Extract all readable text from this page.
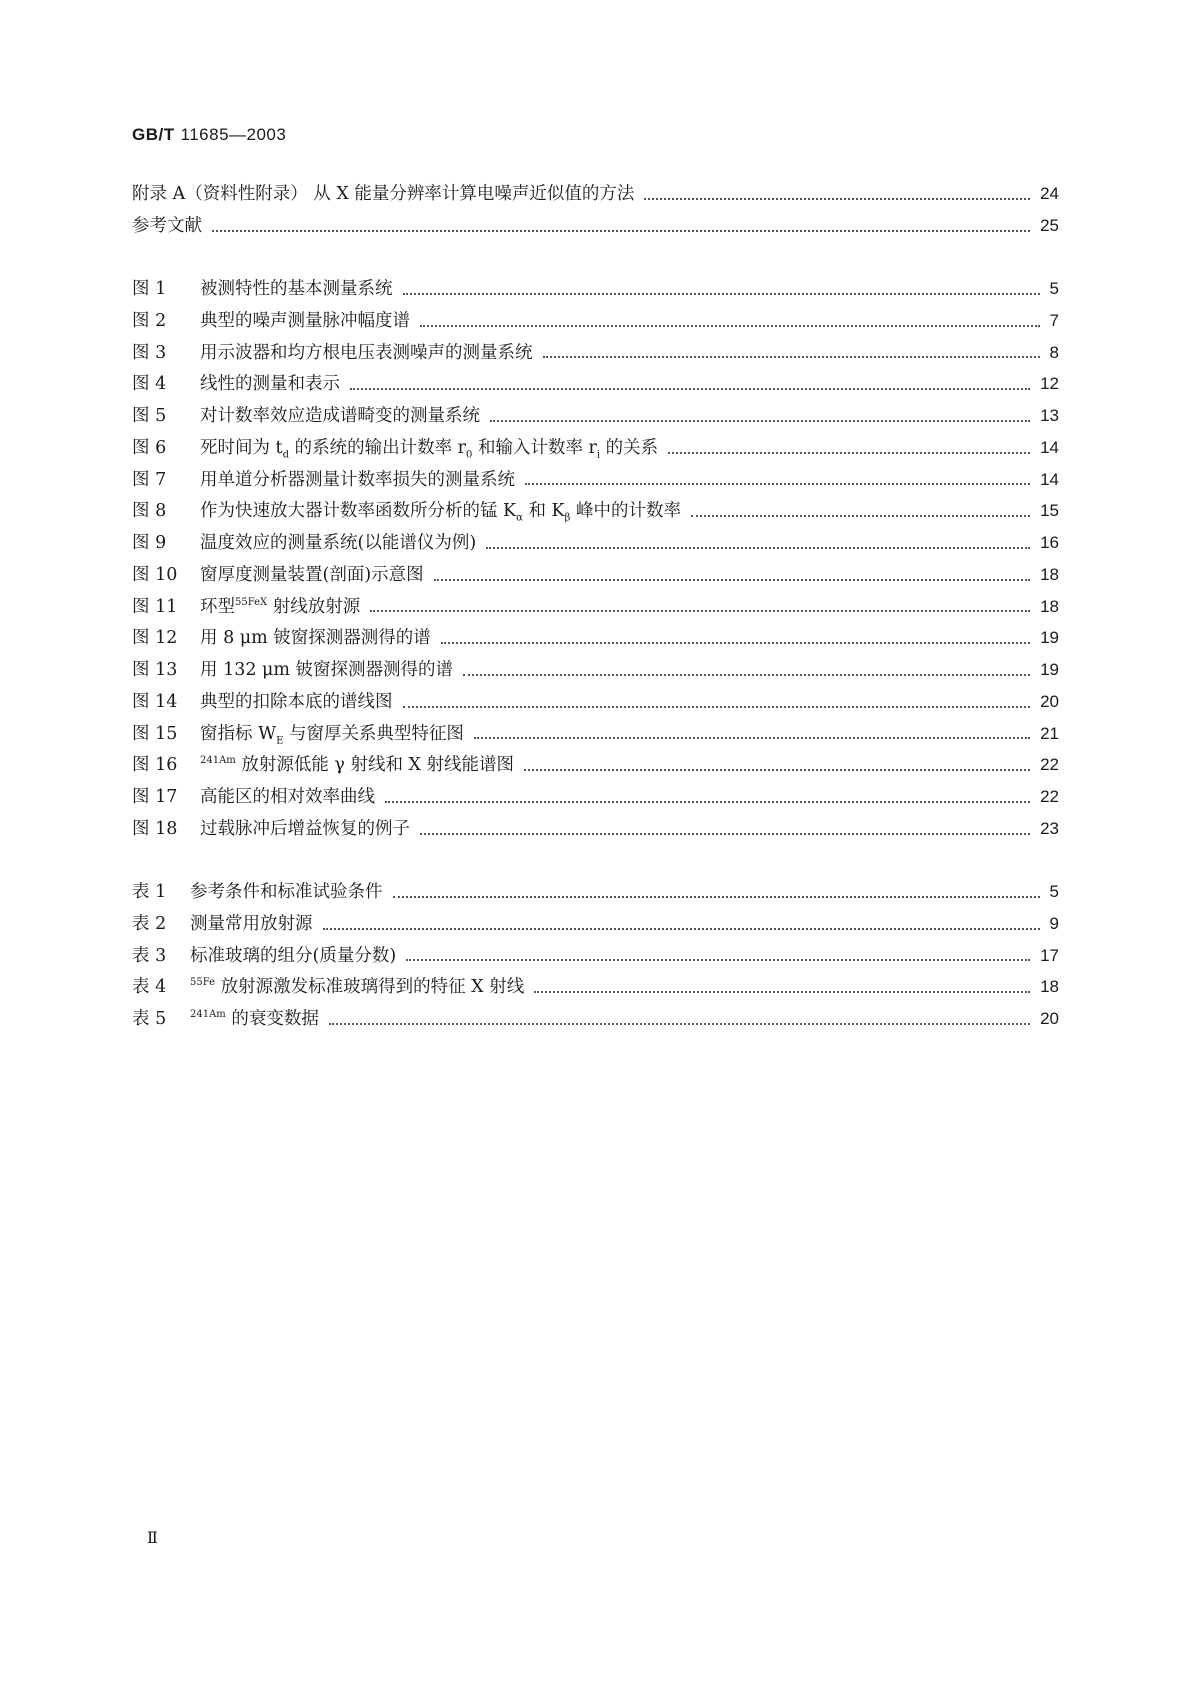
GB/T 11685—2003
附录 A（资料性附录） 从 X 能量分辨率计算电噪声近似值的方法	24
参考文献	25
图 1	被测特性的基本测量系统	5
图 2	典型的噪声测量脉冲幅度谱	7
图 3	用示波器和均方根电压表测噪声的测量系统	8
图 4	线性的测量和表示	12
图 5	对计数率效应造成谱畸变的测量系统	13
图 6	死时间为 $t_d$ 的系统的输出计数率 $r_0$ 和输入计数率 $r_i$ 的关系	14
图 7	用单道分析器测量计数率损失的测量系统	14
图 8	作为快速放大器计数率函数所分析的锰 $K_\alpha$ 和 $K_\beta$ 峰中的计数率	15
图 9	温度效应的测量系统(以能谱仪为例)	16
图 10	窗厚度测量装置(剖面)示意图	18
图 11	环型$^{55FeX}$ 射线放射源	18
图 12	用 8 μm 铍窗探测器测得的谱	19
图 13	用 132 μm 铍窗探测器测得的谱	19
图 14	典型的扣除本底的谱线图	20
图 15	窗指标 $W_E$ 与窗厚关系典型特征图	21
图 16	$^{241Am}$ 放射源低能 γ 射线和 X 射线能谱图	22
图 17	高能区的相对效率曲线	22
图 18	过载脉冲后增益恢复的例子	23
表 1	参考条件和标准试验条件	5
表 2	测量常用放射源	9
表 3	标准玻璃的组分(质量分数)	17
表 4	$^{55Fe}$ 放射源激发标准玻璃得到的特征 X 射线	18
表 5	$^{241Am}$ 的衰变数据	20
Ⅱ
